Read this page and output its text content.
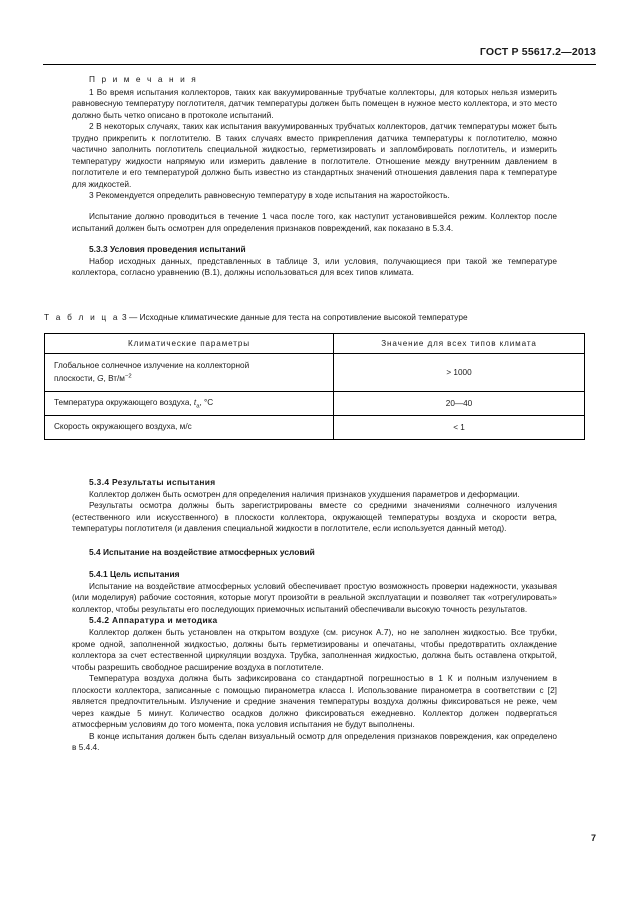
ГОСТ Р 55617.2—2013

П р и м е ч а н и я

1 Во время испытания коллекторов, таких как вакуумированные трубчатые коллекторы, для которых нельзя измерить равновесную температуру поглотителя, датчик температуры должен быть помещен в нужное место коллектора, и это место должно быть четко описано в протоколе испытаний.

2 В некоторых случаях, таких как испытания вакуумированных трубчатых коллекторов, датчик температуры может быть трудно прикрепить к поглотителю. В таких случаях вместо прикрепления датчика температуры к поглотителю, можно частично заполнить поглотитель специальной жидкостью, герметизировать и запломбировать поглотитель, и измерить температуру жидкости напрямую или измерить давление в поглотителе. Отношение между внутренним давлением в поглотителе и его температурой должно быть известно из стандартных значений отношения давления пара к температуре для жидкостей.

3 Рекомендуется определить равновесную температуру в ходе испытания на жаростойкость.

Испытание должно проводиться в течение 1 часа после того, как наступит установившейся режим. Коллектор после испытаний должен быть осмотрен для определения признаков повреждений, как показано в 5.3.4.

5.3.3 Условия проведения испытаний

Набор исходных данных, представленных в таблице 3, или условия, получающиеся при такой же температуре коллектора, согласно уравнению (В.1), должны использоваться для всех типов климата.

Т а б л и ц а 3 — Исходные климатические данные для теста на сопротивление высокой температуре
Климатические параметры	Значение для всех типов климата
Глобальное солнечное излучение на коллекторной
плоскости, G, $Вт/м^{-2}$	> 1000
Температура окружающего воздуха, $t_a$, °С	20—40
Скорость окружающего воздуха, м/с	< 1
5.3.4 Результаты испытания

Коллектор должен быть осмотрен для определения наличия признаков ухудшения параметров и деформации.

Результаты осмотра должны быть зарегистрированы вместе со средними значениями солнечного излучения (естественного или искусственного) в плоскости коллектора, окружающей температуры воздуха и скорости ветра, температуры поглотителя (и давления специальной жидкости в поглотителе, если используется данный метод).

5.4 Испытание на воздействие атмосферных условий
5.4.1 Цель испытания

Испытание на воздействие атмосферных условий обеспечивает простую возможность проверки надежности, указывая (или моделируя) рабочие состояния, которые могут произойти в реальной эксплуатации и позволяет так «отрегулировать» коллектор, чтобы результаты его последующих приемочных испытаний обеспечивали высокую точность результатов.

5.4.2 Аппаратура и методика

Коллектор должен быть установлен на открытом воздухе (см. рисунок А.7), но не заполнен жидкостью. Все трубки, кроме одной, заполненной жидкостью, должны быть герметизированы и опечатаны, чтобы предотвратить охлаждение коллектора за счет естественной циркуляции воздуха. Трубка, заполненная жидкостью, должна быть оставлена открытой, чтобы разрешить свободное расширение воздуха в поглотителе.

Температура воздуха должна быть зафиксирована со стандартной погрешностью в 1 К и полным излучением в плоскости коллектора, записанные с помощью пиранометра класса I. Использование пиранометра в соответствии с [2] является предпочтительным. Излучение и средние значения температуры воздуха должны фиксироваться не реже, чем через каждые 5 минут. Количество осадков должно фиксироваться ежедневно. Коллектор должен подвергаться атмосферным условиям до того момента, пока условия испытания не будут выполнены.

В конце испытания должен быть сделан визуальный осмотр для определения признаков повреждения, как определено в 5.4.4.

7
